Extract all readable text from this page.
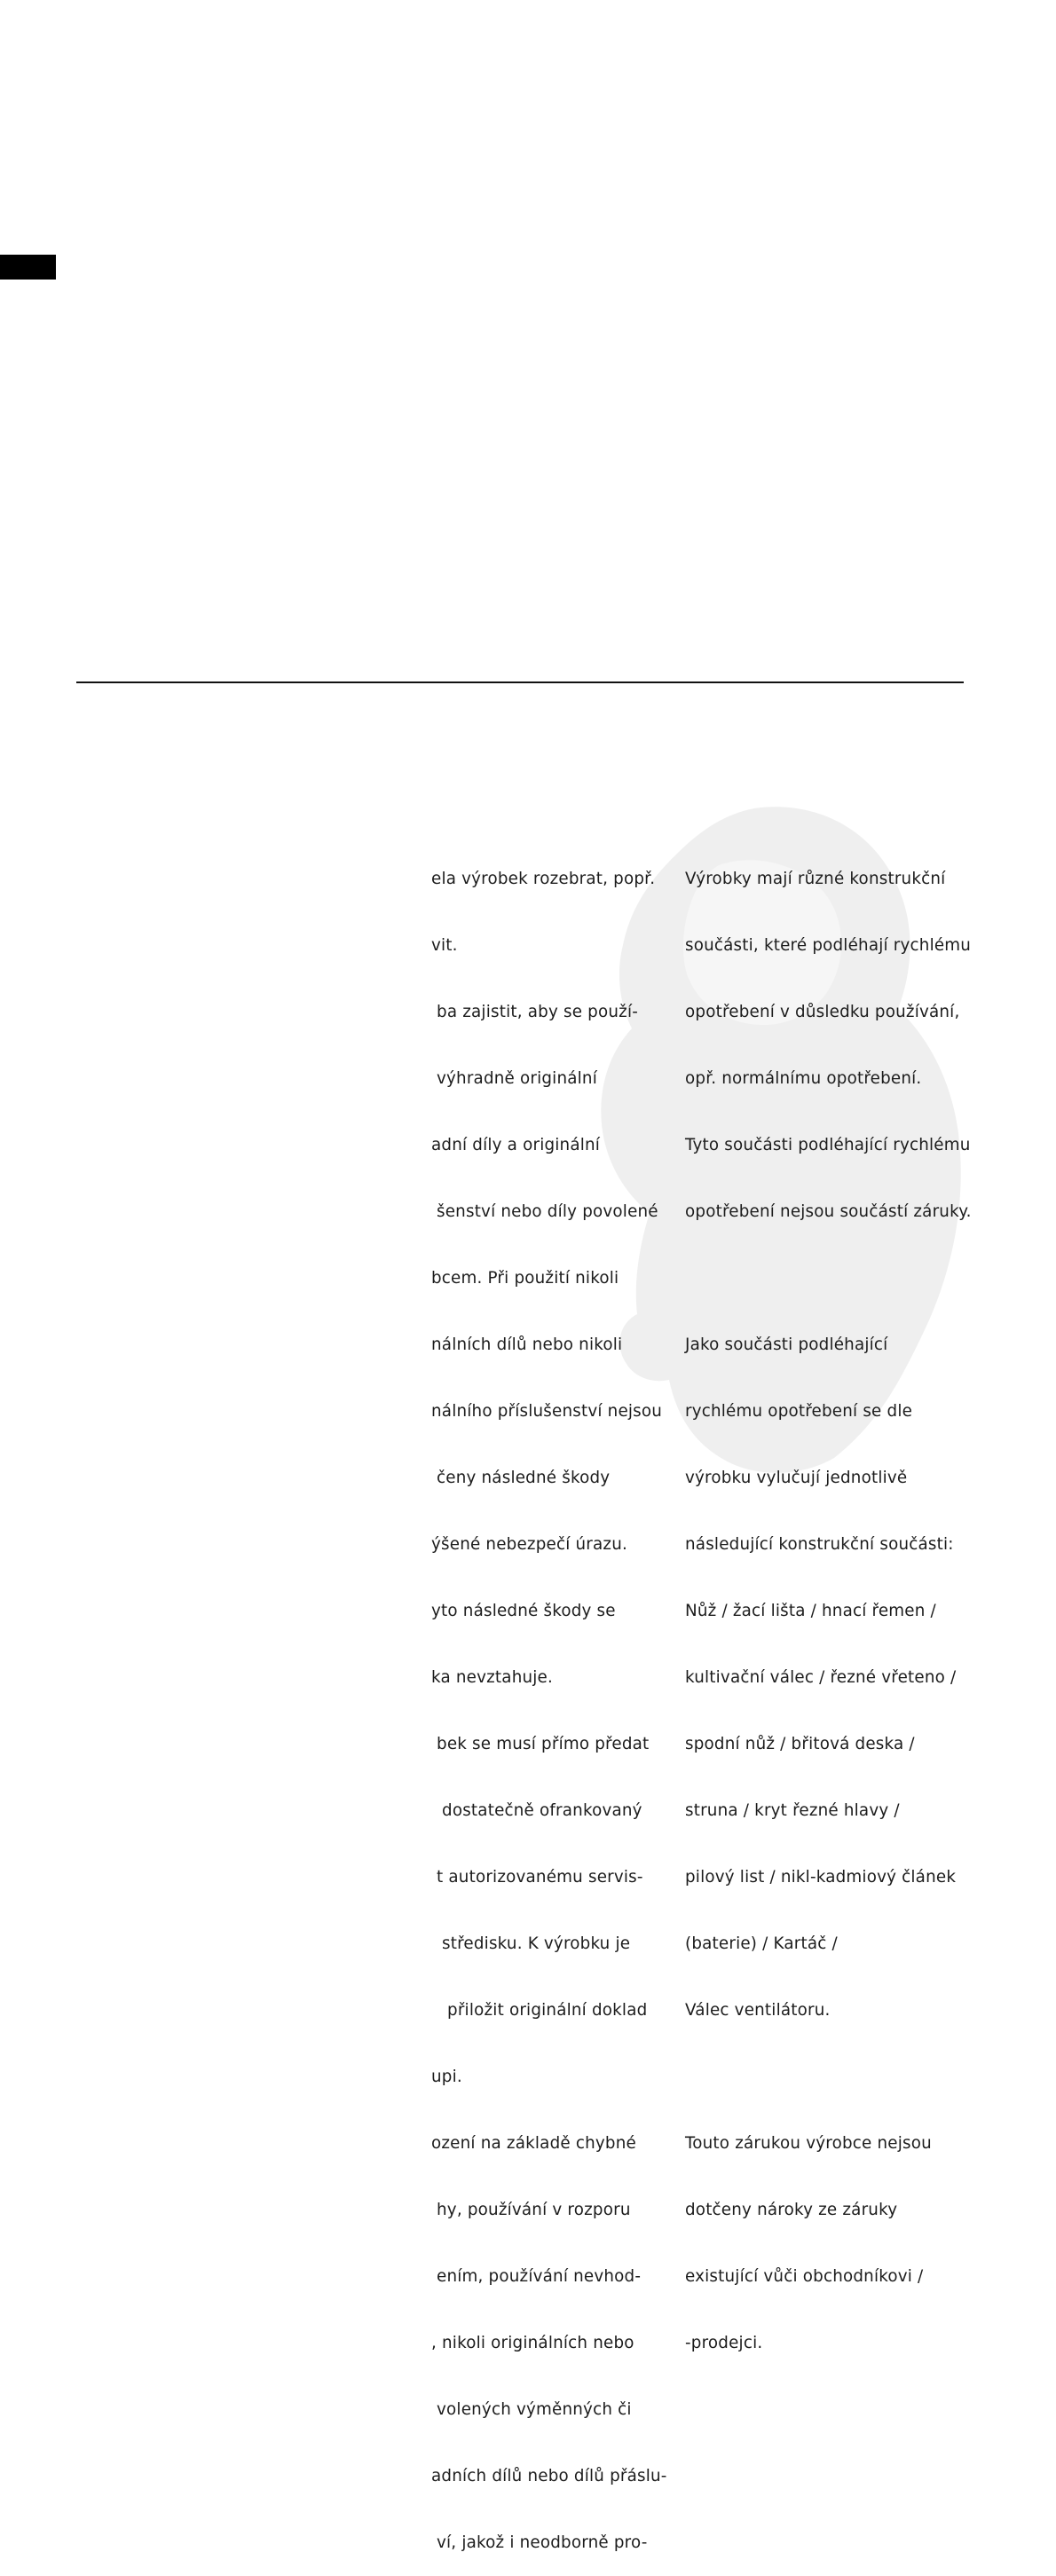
ela výrobek rozebrat, popř.

vit.

ba zajistit, aby se použí-

výhradně originální

adní díly a originální

šenství nebo díly povolené

bcem. Při použití nikoli

nálních dílů nebo nikoli

nálního příslušenství nejsou

čeny následné škody

ýšené nebezpečí úrazu.

yto následné škody se

ka nevztahuje.

bek se musí přímo předat

dostatečně ofrankovaný

t autorizovanému servis-

středisku. K výrobku je

přiložit originální doklad

upi.

ození na základě chybné

hy, používání v rozporu

ením, používání nevhod-

, nikoli originálních nebo

volených výměnných či

adních dílů nebo dílů přáslu-

ví, jakož i neodborně pro-

Výrobky mají různé konstrukční

součásti, které podléhají rychlému

opotřebení v důsledku používání,

opř. normálnímu opotřebení.

Tyto součásti podléhající rychlému

opotřebení nejsou součástí záruky.

Jako součásti podléhající

rychlému opotřebení se dle

výrobku vylučují jednotlivě

následující konstrukční součásti:

Nůž / žací lišta / hnací řemen /

kultivační válec / řezné vřeteno /

spodní nůž / břitová deska /

struna / kryt řezné hlavy /

pilový list / nikl-kadmiový článek

(baterie) / Kartáč /

Válec ventilátoru.

Touto zárukou výrobce nejsou

dotčeny nároky ze záruky

existující vůči obchodníkovi /

-prodejci.
